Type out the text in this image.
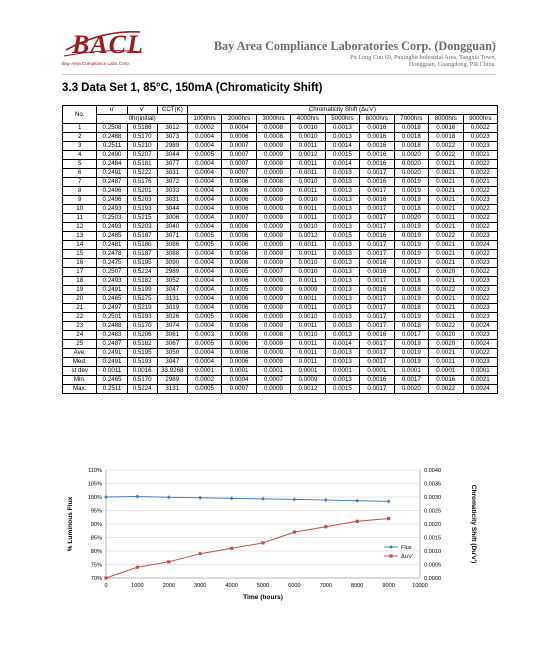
BACL
Bay Area Compliance Labs Corp.
Bay Area Compliance Laboratories Corp. (Dongguan)
Pu Long Cun 69, Puxinghu Industrial Area, Tangxia Town,
Dongguan, Guangdong, P.R.China.
3.3 Data Set 1, 85°C, 150mA (Chromaticity Shift)
No.	u'	v'	CCT(K)	Chromaticity Shift (Δu'v')								
	0hr(initial)			1000hrs	2000hrs	3000hrs	4000hrs	5000hrs	6000hrs	7000hrs	8000hrs	9000hrs
1	0.2508	0.5186	3012	0.0002	0.0004	0.0008	0.0010	0.0013	0.0016	0.0018	0.0016	0.0022
2	0.2488	0.5170	3073	0.0004	0.0006	0.0008	0.0010	0.0013	0.0016	0.0018	0.0018	0.0023
3	0.2511	0.5210	2989	0.0004	0.0007	0.0009	0.0011	0.0014	0.0016	0.0018	0.0022	0.0023
4	0.2490	0.5207	3044	0.0005	0.0007	0.0009	0.0012	0.0015	0.0016	0.0020	0.0022	0.0021
5	0.2484	0.5181	3077	0.0004	0.0007	0.0009	0.0011	0.0014	0.0016	0.0020	0.0021	0.0022
6	0.2491	0.5222	3031	0.0004	0.0007	0.0009	0.0011	0.0013	0.0017	0.0020	0.0021	0.0022
7	0.2487	0.5176	3072	0.0004	0.0006	0.0008	0.0010	0.0013	0.0016	0.0019	0.0021	0.0021
8	0.2496	0.5201	3033	0.0004	0.0006	0.0009	0.0011	0.0013	0.0017	0.0019	0.0021	0.0022
9	0.2496	0.5203	3031	0.0004	0.0006	0.0009	0.0010	0.0013	0.0016	0.0019	0.0021	0.0023
10	0.2493	0.5193	3044	0.0004	0.0006	0.0009	0.0011	0.0013	0.0017	0.0018	0.0021	0.0022
11	0.2503	0.5215	3006	0.0004	0.0007	0.0009	0.0011	0.0013	0.0017	0.0020	0.0021	0.0022
12	0.2493	0.5203	3040	0.0004	0.0006	0.0009	0.0010	0.0013	0.0017	0.0019	0.0021	0.0022
13	0.2485	0.5187	3071	0.0005	0.0006	0.0009	0.0012	0.0015	0.0016	0.0019	0.0022	0.0023
14	0.2481	0.5180	3086	0.0005	0.0006	0.0009	0.0011	0.0013	0.0017	0.0019	0.0021	0.0024
15	0.2478	0.5187	3088	0.0004	0.0006	0.0009	0.0011	0.0013	0.0017	0.0019	0.0021	0.0022
16	0.2475	0.5195	3090	0.0004	0.0006	0.0009	0.0010	0.0013	0.0016	0.0019	0.0021	0.0023
17	0.2507	0.5224	2989	0.0004	0.0005	0.0007	0.0010	0.0013	0.0016	0.0017	0.0020	0.0022
18	0.2493	0.5182	3052	0.0004	0.0006	0.0009	0.0011	0.0013	0.0017	0.0018	0.0021	0.0023
19	0.2491	0.5199	3047	0.0004	0.0005	0.0009	0.0009	0.0013	0.0016	0.0018	0.0022	0.0023
20	0.2465	0.5175	3131	0.0004	0.0006	0.0009	0.0011	0.0013	0.0017	0.0019	0.0021	0.0022
21	0.2497	0.5219	3019	0.0004	0.0006	0.0009	0.0011	0.0013	0.0017	0.0018	0.0021	0.0023
22	0.2501	0.5193	3026	0.0005	0.0006	0.0009	0.0010	0.0013	0.0017	0.0019	0.0021	0.0023
23	0.2488	0.5170	3074	0.0004	0.0006	0.0009	0.0011	0.0013	0.0017	0.0018	0.0022	0.0024
24	0.2483	0.5206	3061	0.0003	0.0006	0.0008	0.0010	0.0013	0.0016	0.0017	0.0020	0.0023
25	0.2487	0.5182	3067	0.0005	0.0006	0.0009	0.0011	0.0014	0.0017	0.0019	0.0020	0.0024
Ave.	0.2491	0.5195	3050	0.0004	0.0006	0.0009	0.0011	0.0013	0.0017	0.0019	0.0021	0.0022
Med.	0.2491	0.5193	3047	0.0004	0.0006	0.0009	0.0011	0.0013	0.0017	0.0019	0.0021	0.0023
st dev	0.0011	0.0016	33.9268	0.0001	0.0001	0.0001	0.0001	0.0001	0.0001	0.0001	0.0001	0.0001
Min.	0.2465	0.5170	2989	0.0002	0.0004	0.0007	0.0009	0.0013	0.0016	0.0017	0.0016	0.0021
Max.	0.2511	0.5224	3131	0.0005	0.0007	0.0009	0.0012	0.0015	0.0017	0.0020	0.0022	0.0024
70%
75%
80%
85%
90%
95%
100%
105%
110%
0.0000
0.0005
0.0010
0.0015
0.0020
0.0025
0.0030
0.0035
0.0040
0	1000	2000	3000	4000	5000	6000	7000	8000	9000	10000
Time (hours)
% Luminous Flux	Chromaticity Shift (Du'v')
Flux
Δu'v'
